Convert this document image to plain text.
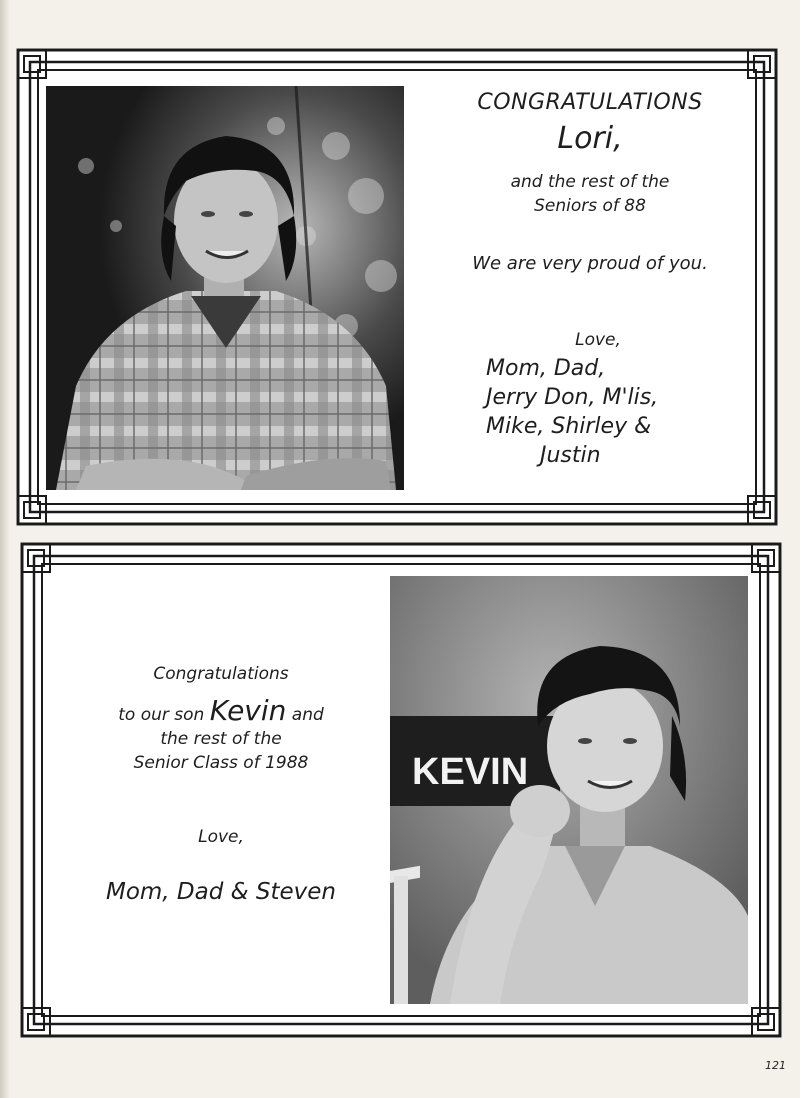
CONGRATULATIONS
Lori,
and the rest of the
Seniors of 88
We are very proud of you.
Love,
Mom, Dad,
Jerry Don, M'lis,
Mike, Shirley &
Justin
Congratulations
to our son Kevin and
the rest of the
Senior Class of 1988
Love,
Mom, Dad & Steven
KEVIN
121
